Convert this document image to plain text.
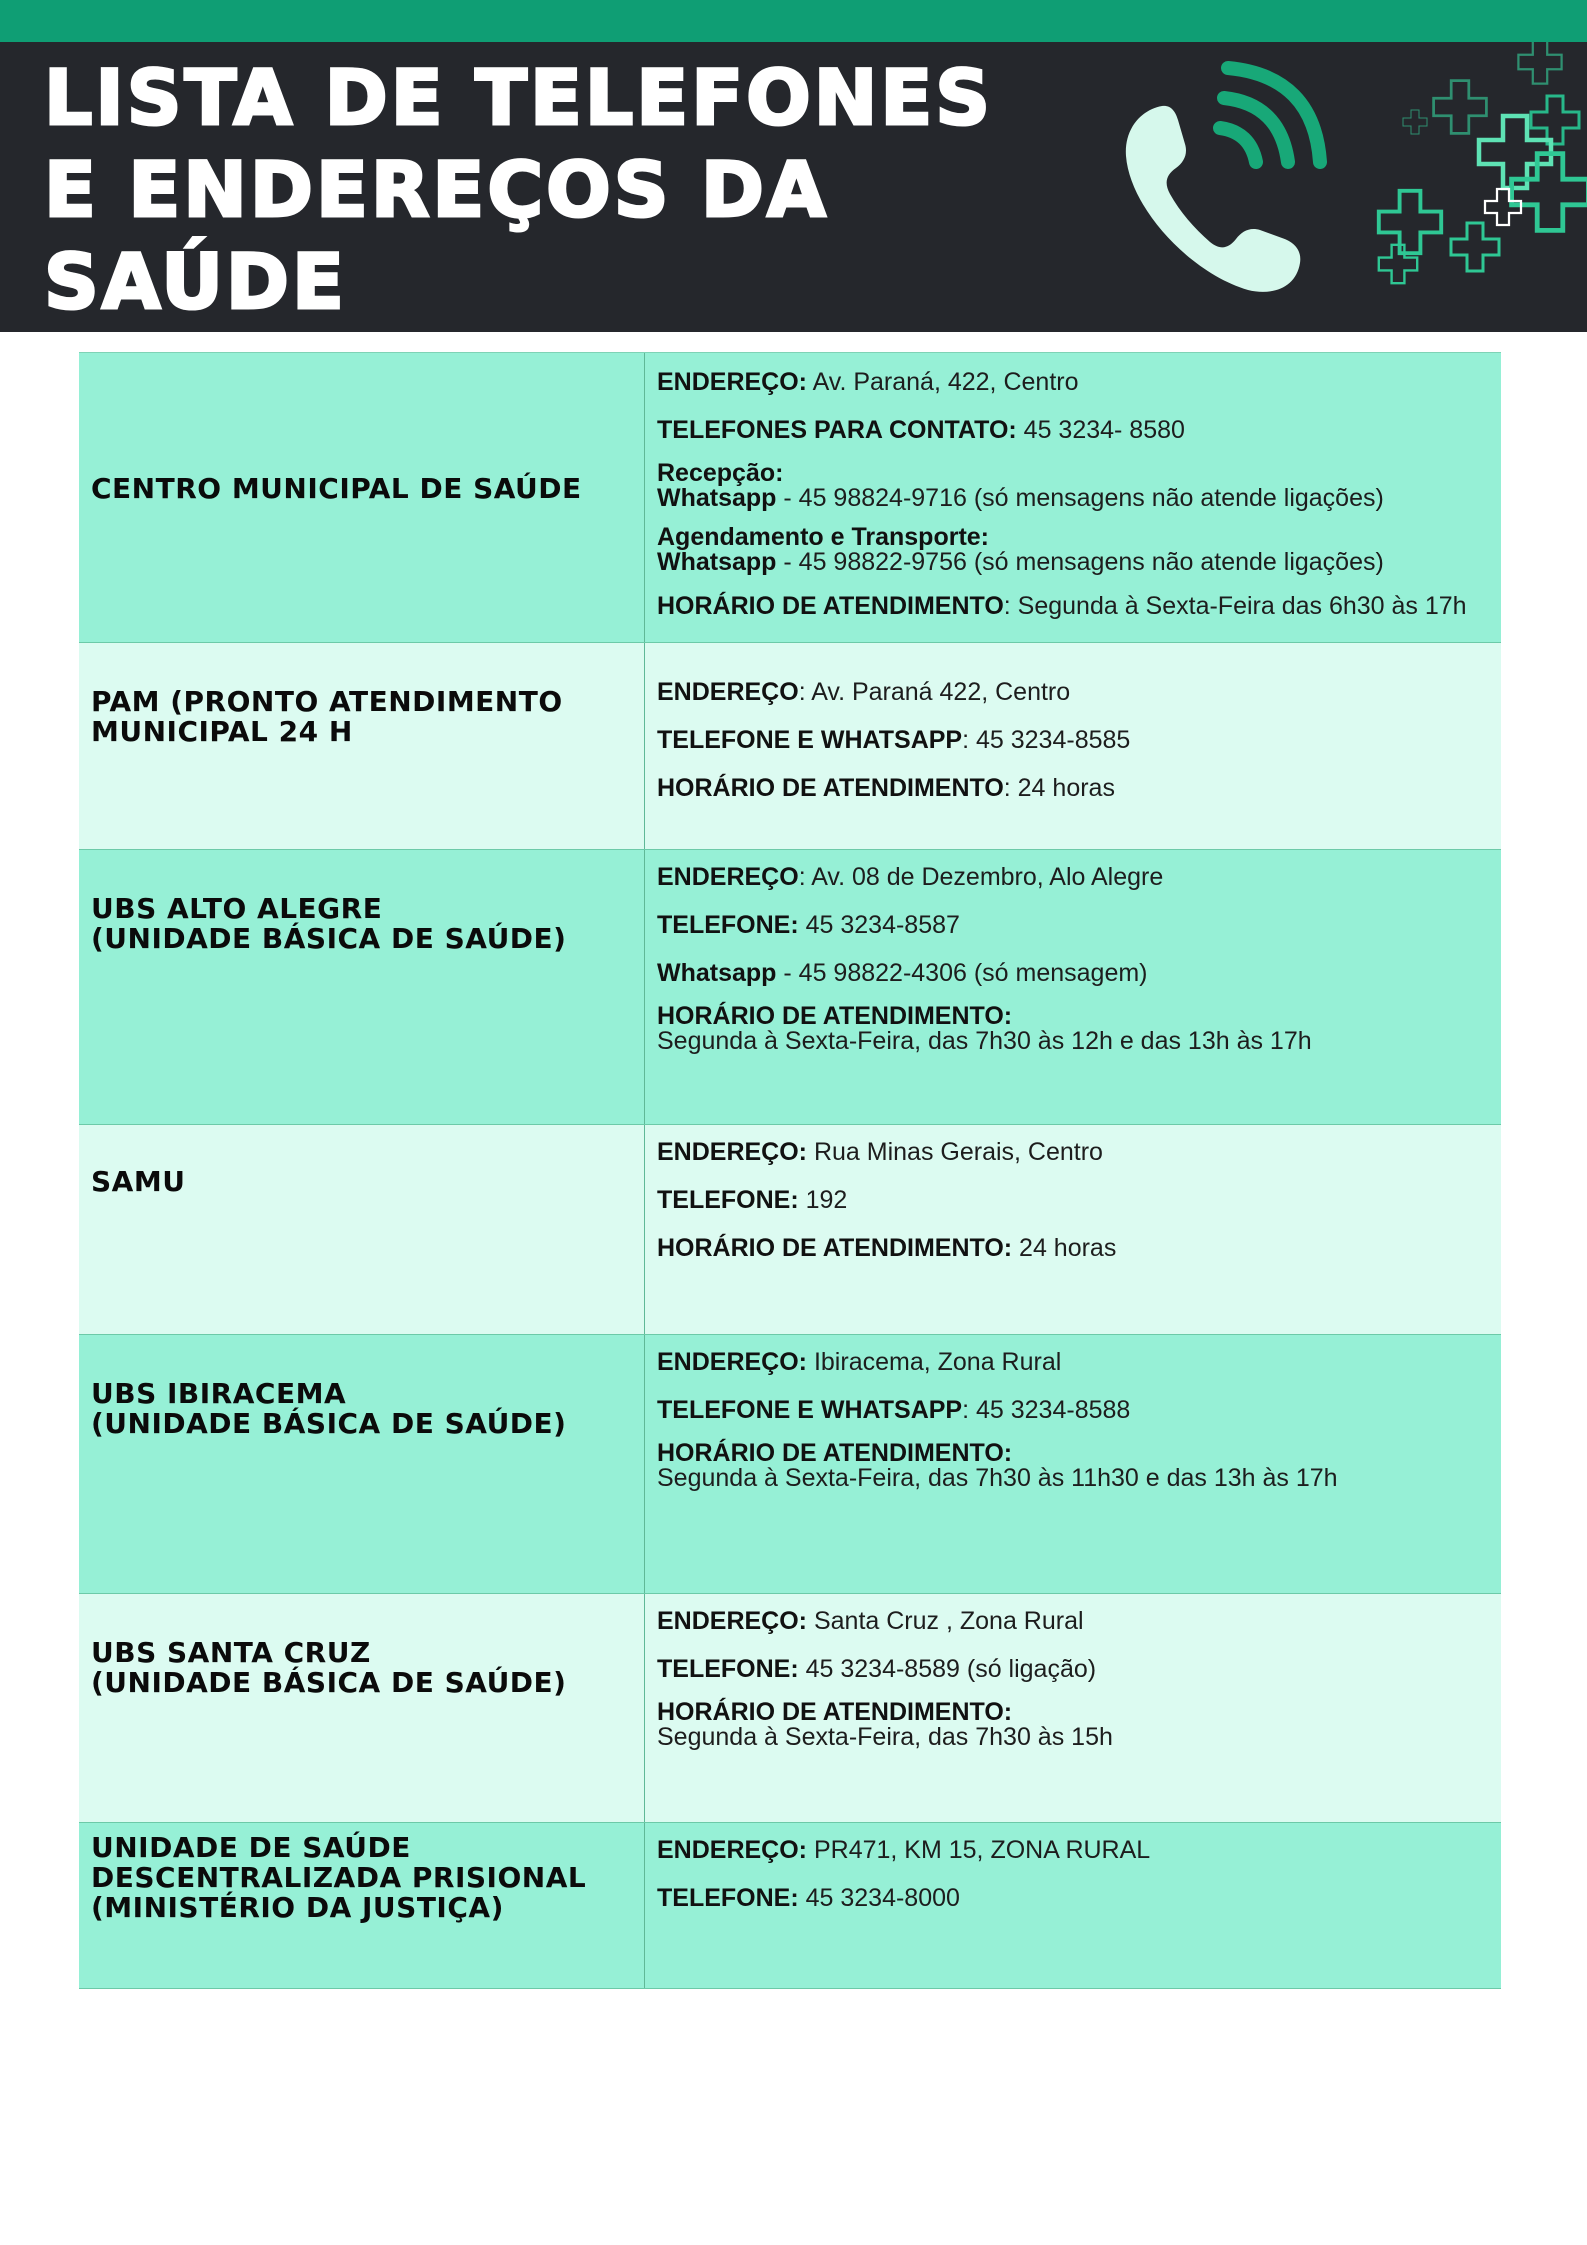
LISTA DE TELEFONES
E ENDEREÇOS DA
SAÚDE
CENTRO MUNICIPAL DE SAÚDE
ENDEREÇO: Av. Paraná, 422, Centro
TELEFONES PARA CONTATO: 45 3234- 8580
Recepção:
Whatsapp - 45 98824-9716 (só mensagens não atende ligações)
Agendamento e Transporte:
Whatsapp - 45 98822-9756 (só mensagens não atende ligações)
HORÁRIO DE ATENDIMENTO: Segunda à Sexta-Feira das 6h30 às 17h
PAM (PRONTO ATENDIMENTO
MUNICIPAL 24 H
ENDEREÇO: Av. Paraná 422, Centro
TELEFONE E WHATSAPP: 45 3234-8585
HORÁRIO DE ATENDIMENTO: 24 horas
UBS ALTO ALEGRE
(UNIDADE BÁSICA DE SAÚDE)
ENDEREÇO: Av. 08 de Dezembro, Alo Alegre
TELEFONE: 45 3234-8587
Whatsapp - 45 98822-4306 (só mensagem)
HORÁRIO DE ATENDIMENTO:
Segunda à Sexta-Feira, das 7h30 às 12h e das 13h às 17h
SAMU
ENDEREÇO: Rua Minas Gerais, Centro
TELEFONE: 192
HORÁRIO DE ATENDIMENTO: 24 horas
UBS IBIRACEMA
(UNIDADE BÁSICA DE SAÚDE)
ENDEREÇO: Ibiracema, Zona Rural
TELEFONE E WHATSAPP: 45 3234-8588
HORÁRIO DE ATENDIMENTO:
Segunda à Sexta-Feira, das 7h30 às 11h30 e das 13h às 17h
UBS SANTA CRUZ
(UNIDADE BÁSICA DE SAÚDE)
ENDEREÇO: Santa Cruz , Zona Rural
TELEFONE: 45 3234-8589 (só ligação)
HORÁRIO DE ATENDIMENTO:
Segunda à Sexta-Feira, das 7h30 às 15h
UNIDADE DE SAÚDE
DESCENTRALIZADA PRISIONAL
(MINISTÉRIO DA JUSTIÇA)
ENDEREÇO: PR471, KM 15, ZONA RURAL
TELEFONE: 45 3234-8000
